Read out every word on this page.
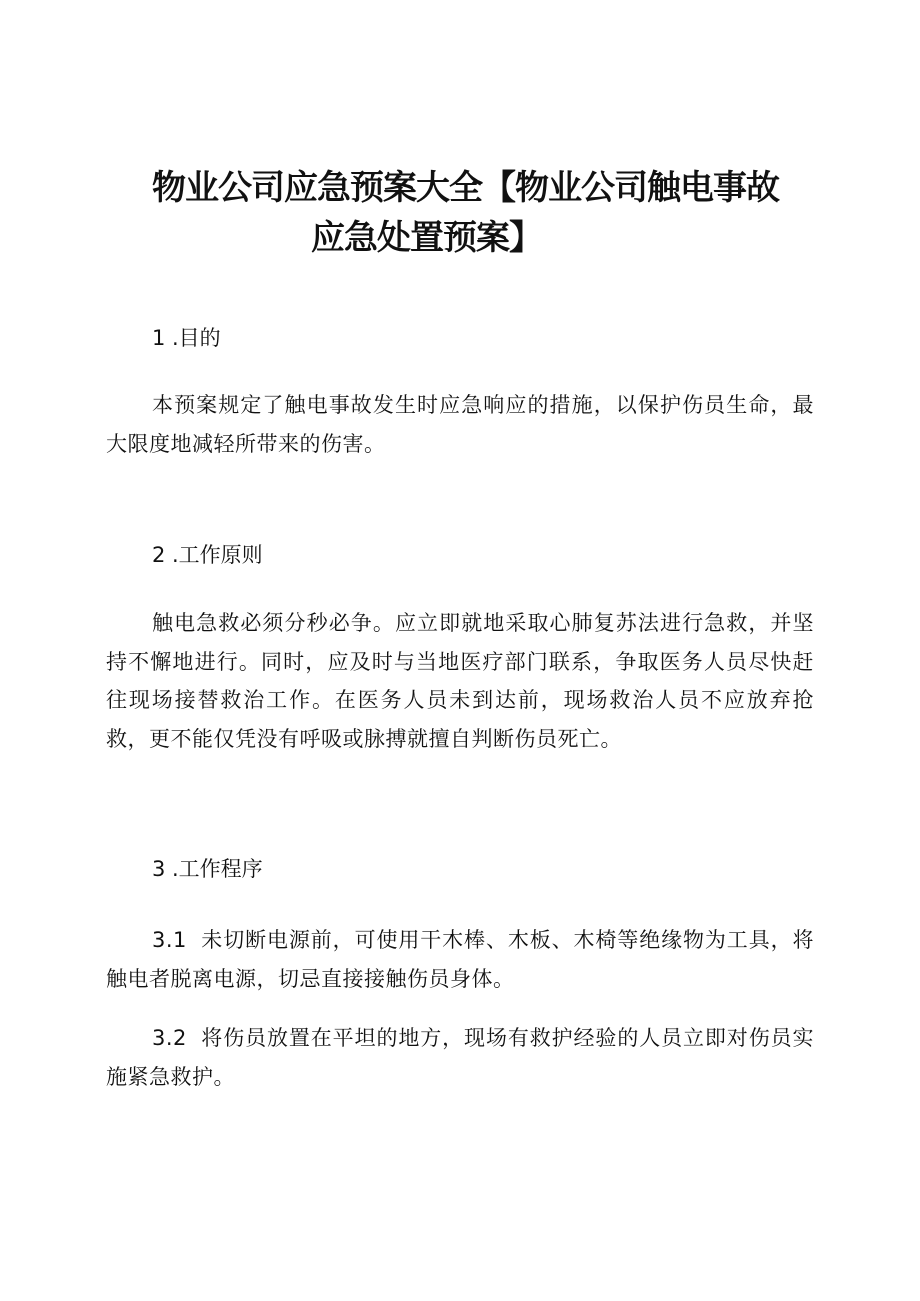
物业公司应急预案大全【物业公司触电事故
应急处置预案】
1 .目的

本预案规定了触电事故发生时应急响应的措施，以保护伤员生命，最大限度地减轻所带来的伤害。

2 .工作原则

触电急救必须分秒必争。应立即就地采取心肺复苏法进行急救，并坚持不懈地进行。同时，应及时与当地医疗部门联系，争取医务人员尽快赶往现场接替救治工作。在医务人员未到达前，现场救治人员不应放弃抢救，更不能仅凭没有呼吸或脉搏就擅自判断伤员死亡。

3 .工作程序

3.1 未切断电源前，可使用干木棒、木板、木椅等绝缘物为工具，将触电者脱离电源，切忌直接接触伤员身体。

3.2 将伤员放置在平坦的地方，现场有救护经验的人员立即对伤员实施紧急救护。
